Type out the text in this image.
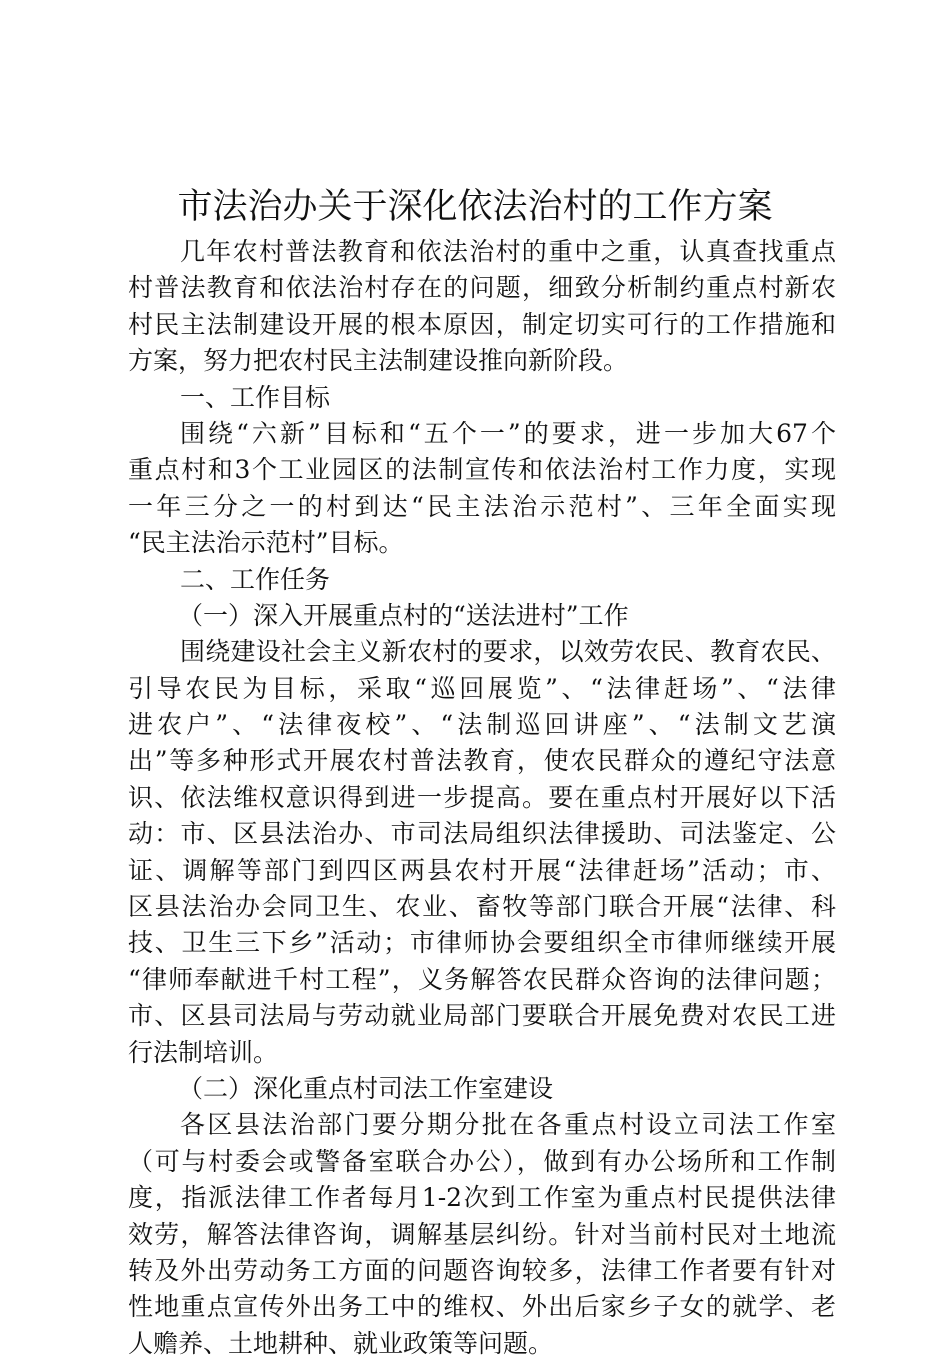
市法治办关于深化依法治村的工作方案
几年农村普法教育和依法治村的重中之重，认真查找重点
村普法教育和依法治村存在的问题，细致分析制约重点村新农
村民主法制建设开展的根本原因，制定切实可行的工作措施和
方案，努力把农村民主法制建设推向新阶段。
一、工作目标
围绕“六新”目标和“五个一”的要求，进一步加大67个
重点村和3个工业园区的法制宣传和依法治村工作力度，实现
一年三分之一的村到达“民主法治示范村”、三年全面实现
“民主法治示范村”目标。
二、工作任务
（一）深入开展重点村的“送法进村”工作
围绕建设社会主义新农村的要求，以效劳农民、教育农民、
引导农民为目标，采取“巡回展览”、“法律赶场”、“法律
进农户”、“法律夜校”、“法制巡回讲座”、“法制文艺演
出”等多种形式开展农村普法教育，使农民群众的遵纪守法意
识、依法维权意识得到进一步提高。要在重点村开展好以下活
动：市、区县法治办、市司法局组织法律援助、司法鉴定、公
证、调解等部门到四区两县农村开展“法律赶场”活动；市、
区县法治办会同卫生、农业、畜牧等部门联合开展“法律、科
技、卫生三下乡”活动；市律师协会要组织全市律师继续开展
“律师奉献进千村工程”，义务解答农民群众咨询的法律问题；
市、区县司法局与劳动就业局部门要联合开展免费对农民工进
行法制培训。
（二）深化重点村司法工作室建设
各区县法治部门要分期分批在各重点村设立司法工作室
（可与村委会或警备室联合办公），做到有办公场所和工作制
度，指派法律工作者每月1-2次到工作室为重点村民提供法律
效劳，解答法律咨询，调解基层纠纷。针对当前村民对土地流
转及外出劳动务工方面的问题咨询较多，法律工作者要有针对
性地重点宣传外出务工中的维权、外出后家乡子女的就学、老
人赡养、土地耕种、就业政策等问题。
